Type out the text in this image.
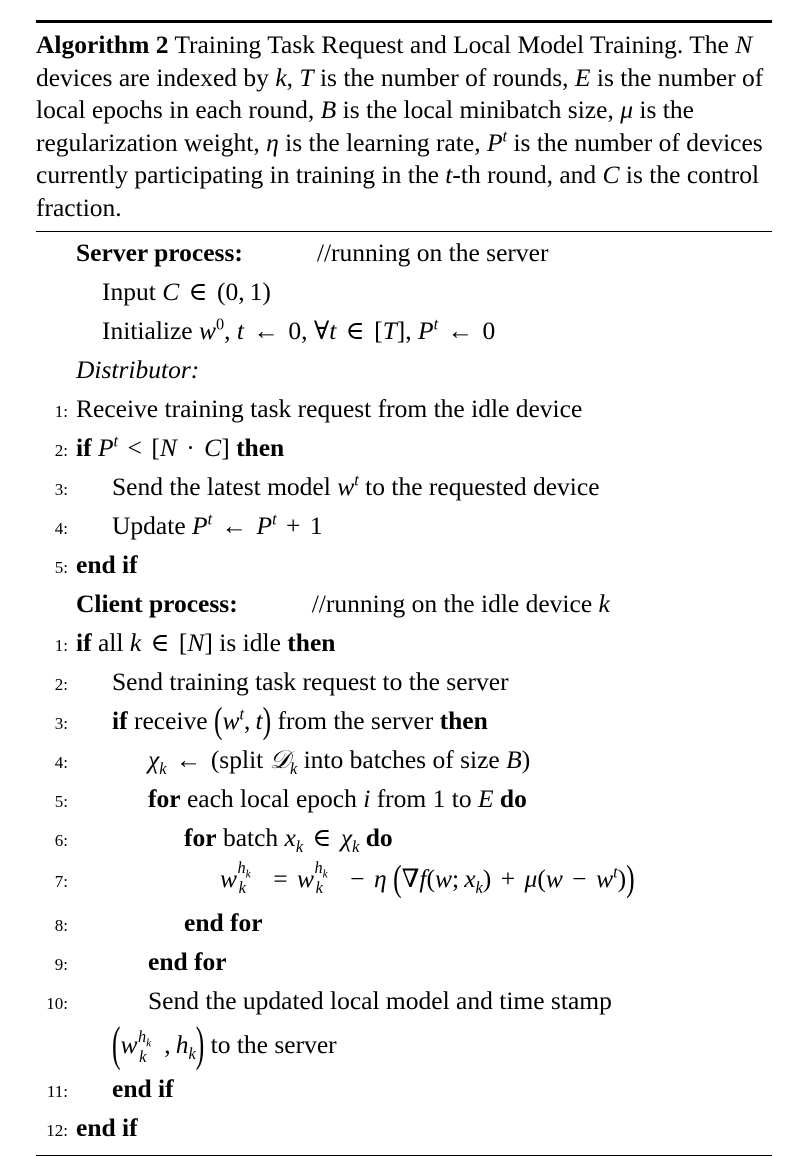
Algorithm 2 Training Task Request and Local Model Training. The N devices are indexed by k, T is the number of rounds, E is the number of local epochs in each round, B is the local minibatch size, μ is the regularization weight, η is the learning rate, $P^t$ is the number of devices currently participating in training in the t-th round, and C is the control fraction.

Server process:	//running on the server

Input C ∈ (0, 1)

Initialize $w^0$, t ← 0, ∀t ∈ [T], $P^t$ ← 0

Distributor:
1: Receive training task request from the idle device
2: if $P^t < [N \cdot C]$ then
3:	Send the latest model $w^t$ to the requested device
4:	Update $P^t$ ← $P^t + 1$
5: end if

Client process:	//running on the idle device k
1: if all k ∈ [N] is idle then
2:	Send training task request to the server
3:	if receive ($w^t$, t) from the server then
4:	$\chi_k$ ← (split 𝒟$_k$ into batches of size B)
5:	for each local epoch i from 1 to E do
6:	for batch $x_k$ ∈ $\chi_k$ do
7:	w $h_k$
k = w $h_k$
k − η (∇f(w; $x_k) + \mu(w - w^t)$)
8:	end for
9:	end for
10:	Send the updated local model and time stamp

(w $h_k$
k , $h_k$) to the server
11:	end if
12: end if
